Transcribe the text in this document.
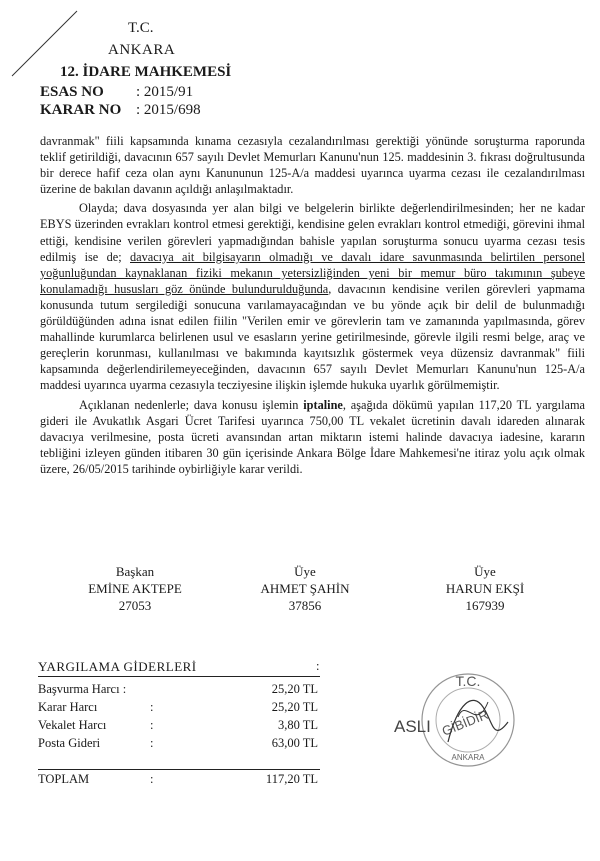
T.C.
ANKARA
12. İDARE MAHKEMESİ
ESAS NO : 2015/91
KARAR NO : 2015/698

davranmak" fiili kapsamında kınama cezasıyla cezalandırılması gerektiği yönünde soruşturma raporunda teklif getirildiği, davacının 657 sayılı Devlet Memurları Kanunu'nun 125. maddesinin 3. fıkrası doğrultusunda bir derece hafif ceza olan aynı Kanununun 125-A/a maddesi uyarınca uyarma cezası ile cezalandırılması üzerine de bakılan davanın açıldığı anlaşılmaktadır.

Olayda; dava dosyasında yer alan bilgi ve belgelerin birlikte değerlendirilmesinden; her ne kadar EBYS üzerinden evrakları kontrol etmesi gerektiği, kendisine gelen evrakları kontrol etmediği, görevini ihmal ettiği, kendisine verilen görevleri yapmadığından bahisle yapılan soruşturma sonucu uyarma cezası tesis edilmiş ise de; davacıya ait bilgisayarın olmadığı ve davalı idare savunmasında belirtilen personel yoğunluğundan kaynaklanan fiziki mekanın yetersizliğinden yeni bir memur büro takımının şubeye konulamadığı hususları göz önünde bulundurulduğunda, davacının kendisine verilen görevleri yapmama konusunda tutum sergilediği sonucuna varılamayacağından ve bu yönde açık bir delil de bulunmadığı görüldüğünden adına isnat edilen fiilin "Verilen emir ve görevlerin tam ve zamanında yapılmasında, görev mahallinde kurumlarca belirlenen usul ve esasların yerine getirilmesinde, görevle ilgili resmi belge, araç ve gereçlerin korunması, kullanılması ve bakımında kayıtsızlık göstermek veya düzensiz davranmak" fiili kapsamında değerlendirilemeyeceğinden, davacının 657 sayılı Devlet Memurları Kanunu'nun 125-A/a maddesi uyarınca uyarma cezasıyla tecziyesine ilişkin işlemde hukuka uyarlık görülmemiştir.

Açıklanan nedenlerle; dava konusu işlemin iptaline, aşağıda dökümü yapılan 117,20 TL yargılama gideri ile Avukatlık Asgari Ücret Tarifesi uyarınca 750,00 TL vekalet ücretinin davalı idareden alınarak davacıya verilmesine, posta ücreti avansından artan miktarın istemi halinde davacıya iadesine, kararın tebliğini izleyen günden itibaren 30 gün içerisinde Ankara Bölge İdare Mahkemesi'ne itiraz yolu açık olmak üzere, 26/05/2015 tarihinde oybirliğiyle karar verildi.

Başkan
EMİNE AKTEPE
27053
Üye
AHMET ŞAHİN
37856
Üye
HARUN EKŞİ
167939
YARGILAMA GİDERLERİ	:
Başvurma Harcı :	25,20 TL
Karar Harcı	:	25,20 TL
Vekalet Harcı	:	3,80 TL
Posta Gideri	:	63,00 TL
TOPLAM	:	117,20 TL
T.C.
ASLI GİBİDİR
ANKARA
